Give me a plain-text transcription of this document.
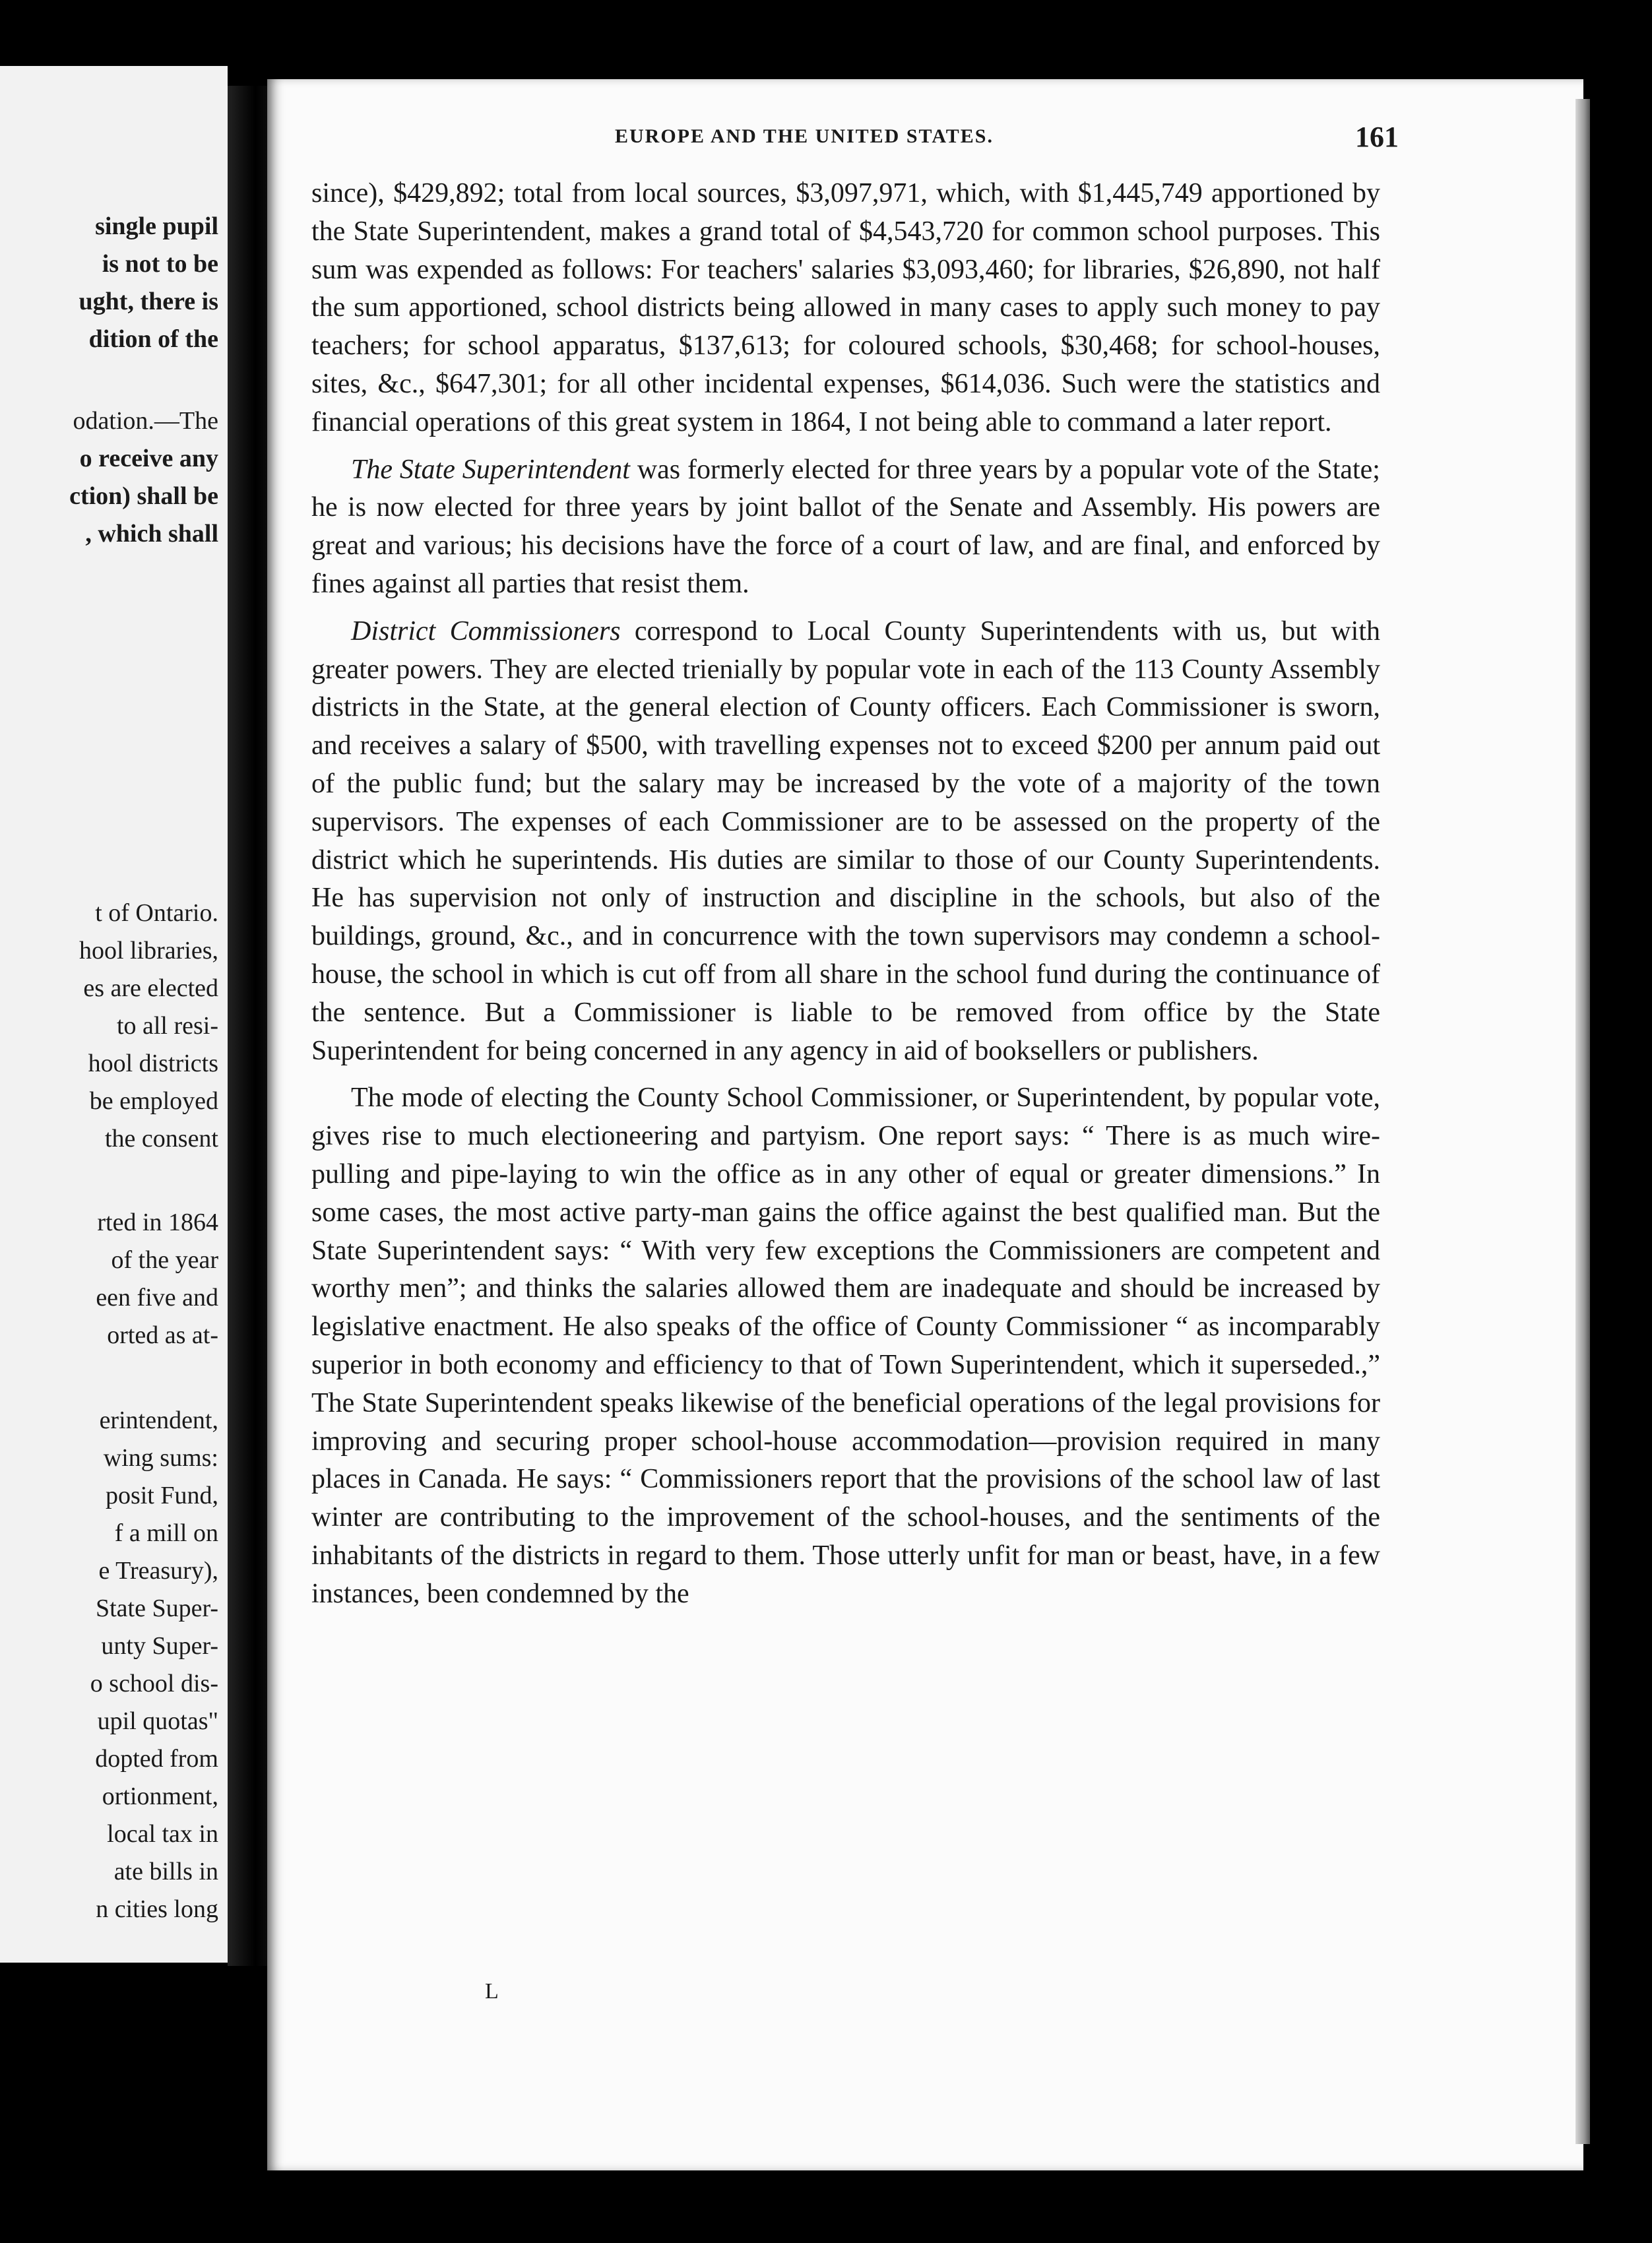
single pupil
is not to be
ught, there is
dition of the
odation.—The
o receive any
ction) shall be
, which shall
t of Ontario.
hool libraries,
es are elected
to all resi-
hool districts
be employed
the consent
rted in 1864
of the year
een five and
orted as at-
erintendent,
wing sums:
posit Fund,
f a mill on
e Treasury),
State Super-
unty Super-
o school dis-
upil quotas"
dopted from
ortionment,
local tax in
ate bills in
n cities long
EUROPE AND THE UNITED STATES.	161

since), $429,892; total from local sources, $3,097,971, which, with $1,445,749 apportioned by the State Superintendent, makes a grand total of $4,543,720 for common school purposes. This sum was expended as follows: For teachers' salaries $3,093,460; for libraries, $26,890, not half the sum apportioned, school districts being allowed in many cases to apply such money to pay teachers; for school apparatus, $137,613; for coloured schools, $30,468; for school-houses, sites, &c., $647,301; for all other incidental expenses, $614,036. Such were the statistics and financial operations of this great system in 1864, I not being able to command a later report.

The State Superintendent was formerly elected for three years by a popular vote of the State; he is now elected for three years by joint ballot of the Senate and Assembly. His powers are great and various; his decisions have the force of a court of law, and are final, and enforced by fines against all parties that resist them.

District Commissioners correspond to Local County Superintendents with us, but with greater powers. They are elected trienially by popular vote in each of the 113 County Assembly districts in the State, at the general election of County officers. Each Commissioner is sworn, and receives a salary of $500, with travelling expenses not to exceed $200 per annum paid out of the public fund; but the salary may be increased by the vote of a majority of the town supervisors. The expenses of each Commissioner are to be assessed on the property of the district which he superintends. His duties are similar to those of our County Superintendents. He has supervision not only of instruction and discipline in the schools, but also of the buildings, ground, &c., and in concurrence with the town supervisors may condemn a school-house, the school in which is cut off from all share in the school fund during the continuance of the sentence. But a Commissioner is liable to be removed from office by the State Superintendent for being concerned in any agency in aid of booksellers or publishers.

The mode of electing the County School Commissioner, or Superintendent, by popular vote, gives rise to much electioneering and partyism. One report says: “ There is as much wire-pulling and pipe-laying to win the office as in any other of equal or greater dimensions.” In some cases, the most active party-man gains the office against the best qualified man. But the State Superintendent says: “ With very few exceptions the Commissioners are competent and worthy men”; and thinks the salaries allowed them are inadequate and should be increased by legislative enactment. He also speaks of the office of County Commissioner “ as incomparably superior in both economy and efficiency to that of Town Superintendent, which it superseded.,” The State Superintendent speaks likewise of the beneficial operations of the legal provisions for improving and securing proper school-house accommodation—provision required in many places in Canada. He says: “ Commissioners report that the provisions of the school law of last winter are contributing to the improvement of the school-houses, and the sentiments of the inhabitants of the districts in regard to them. Those utterly unfit for man or beast, have, in a few instances, been condemned by the

L
